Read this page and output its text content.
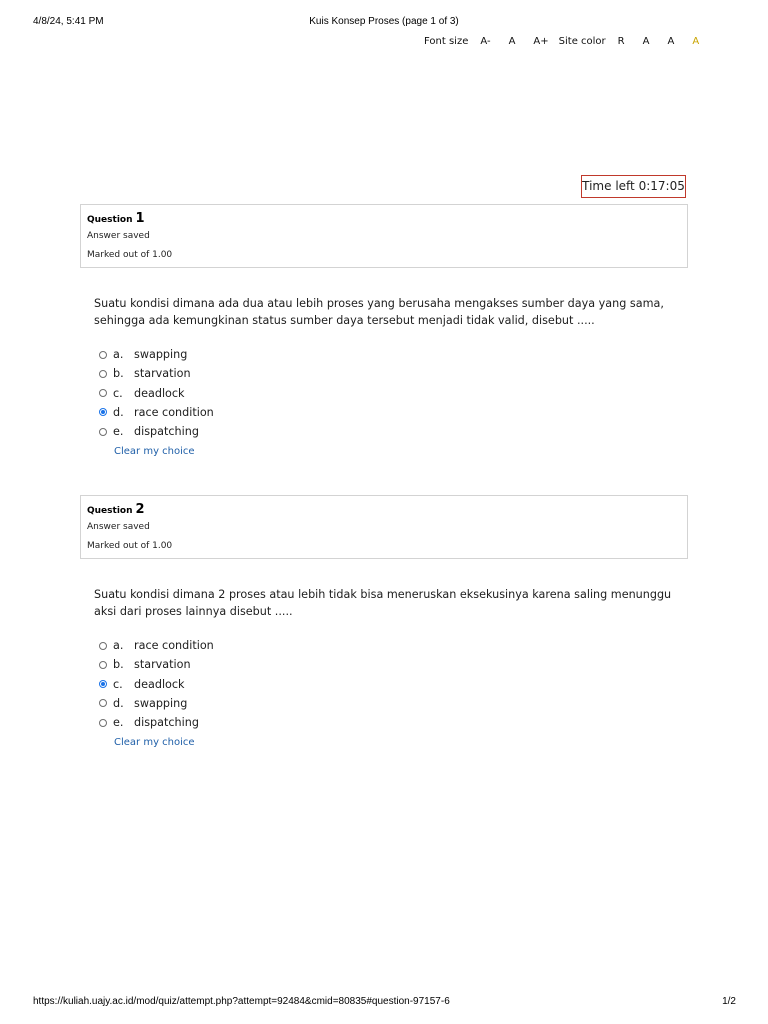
4/8/24, 5:41 PM	Kuis Konsep Proses (page 1 of 3)
Font size A- A A+ Site color R A A A
Time left 0:17:05
Question 1
Answer saved
Marked out of 1.00
Suatu kondisi dimana ada dua atau lebih proses yang berusaha mengakses sumber daya yang sama, sehingga ada kemungkinan status sumber daya tersebut menjadi tidak valid, disebut .....
a. swapping
b. starvation
c.	deadlock
d. race condition
e. dispatching
Clear my choice
Question 2
Answer saved
Marked out of 1.00
Suatu kondisi dimana 2 proses atau lebih tidak bisa meneruskan eksekusinya karena saling menunggu aksi dari proses lainnya disebut .....
a. race condition
b. starvation
c.	deadlock
d. swapping
e. dispatching
Clear my choice
https://kuliah.uajy.ac.id/mod/quiz/attempt.php?attempt=92484&cmid=80835#question-97157-6	1/2
